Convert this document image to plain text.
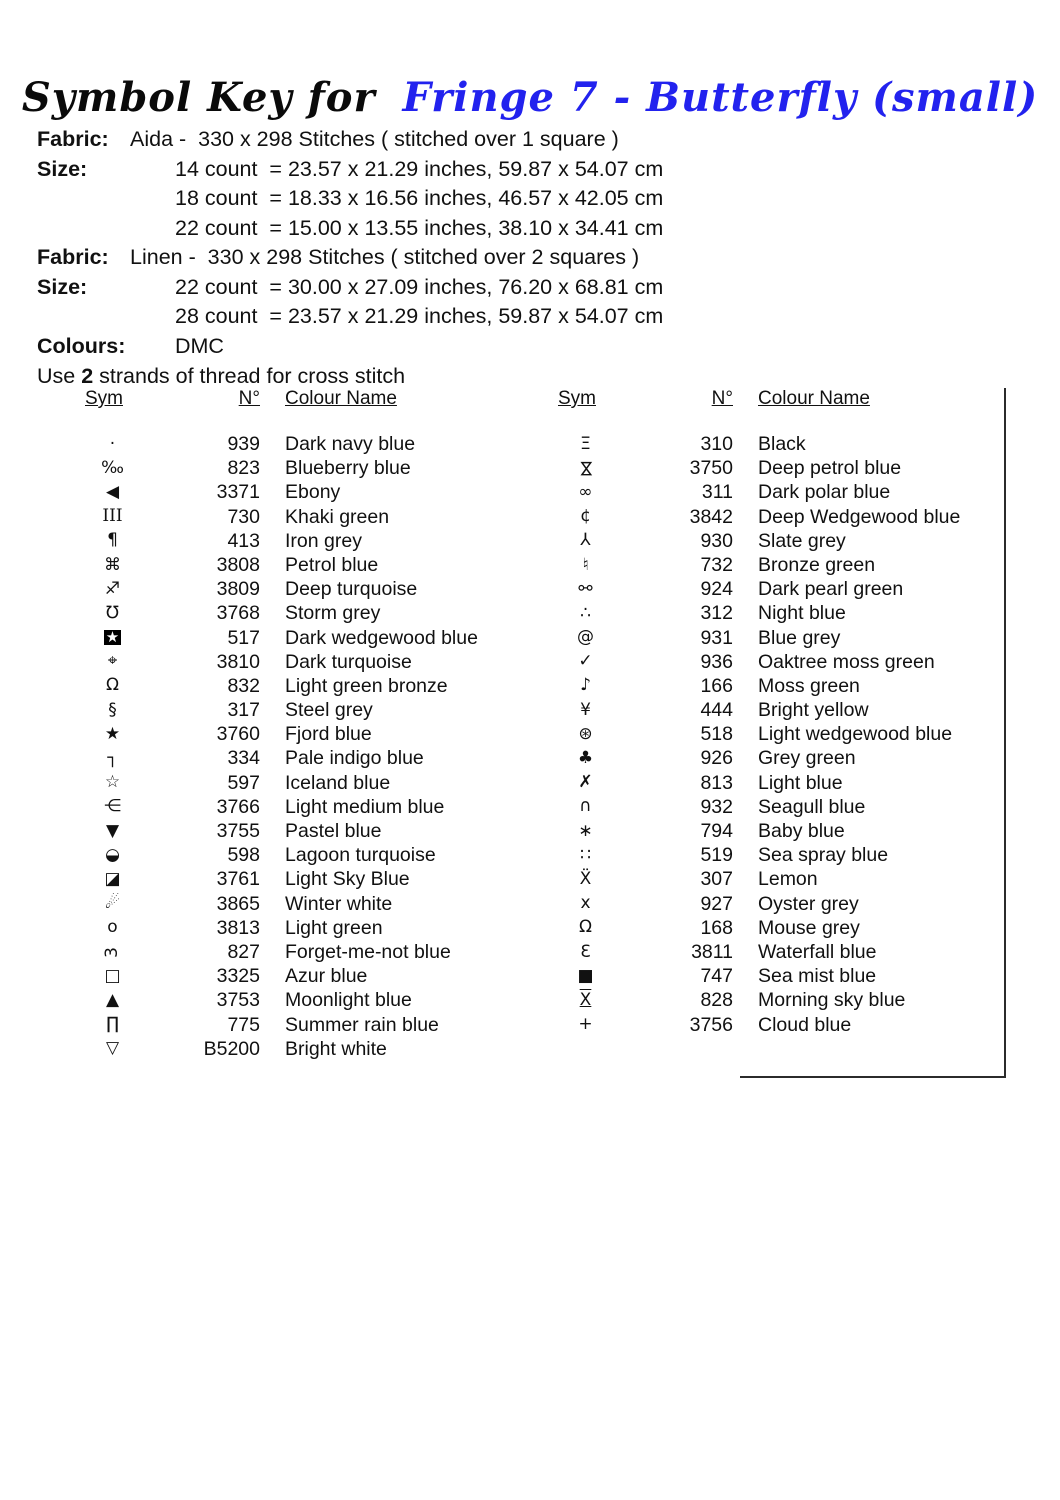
Symbol Key for Fringe 7 - Butterfly (small)
Fabric: Aida -  330 x 298 Stitches ( stitched over 1 square )
Size:	14 count  = 23.57 x 21.29 inches, 59.87 x 54.07 cm
18 count  = 18.33 x 16.56 inches, 46.57 x 42.05 cm
22 count  = 15.00 x 13.55 inches, 38.10 x 34.41 cm
Fabric: Linen -  330 x 298 Stitches ( stitched over 2 squares )
Size:	22 count  = 30.00 x 27.09 inches, 76.20 x 68.81 cm
28 count  = 23.57 x 21.29 inches, 59.87 x 54.07 cm
Colours: DMC
Use 2 strands of thread for cross stitch
Sym	N° Colour Name
·	939 Dark navy blue
‰	823 Blueberry blue
◀	3371 Ebony
III	730 Khaki green
¶	413 Iron grey
⌘	3808 Petrol blue
♐	3809 Deep turquoise
℧	3768 Storm grey
★	517 Dark wedgewood blue
⌖	3810 Dark turquoise
Ω	832 Light green bronze
§	317 Steel grey
★	3760 Fjord blue
┐	334 Pale indigo blue
☆	597 Iceland blue
⋲	3766 Light medium blue
▼	3755 Pastel blue
◒	598 Lagoon turquoise
◪	3761 Light Sky Blue
☄	3865 Winter white
o	3813 Light green
3	827 Forget-me-not blue
□	3325 Azur blue
▲	3753 Moonlight blue
∏	775 Summer rain blue
▽	B5200 Bright white
Sym	N° Colour Name
Ξ	310 Black
⋈	3750 Deep petrol blue
∞	311 Dark polar blue
¢	3842 Deep Wedgewood blue
⅄	930 Slate grey
♮	732 Bronze green
⚯	924 Dark pearl green
∴	312 Night blue
@	931 Blue grey
✓	936 Oaktree moss green
♪	166 Moss green
¥	444 Bright yellow
⊛	518 Light wedgewood blue
♣	926 Grey green
✗	813 Light blue
∩	932 Seagull blue
∗	794 Baby blue
∷	519 Sea spray blue
Ẍ	307 Lemon
x	927 Oyster grey
Ω	168 Mouse grey
Ɛ	3811 Waterfall blue
■	747 Sea mist blue
X	828 Morning sky blue
+	3756 Cloud blue
